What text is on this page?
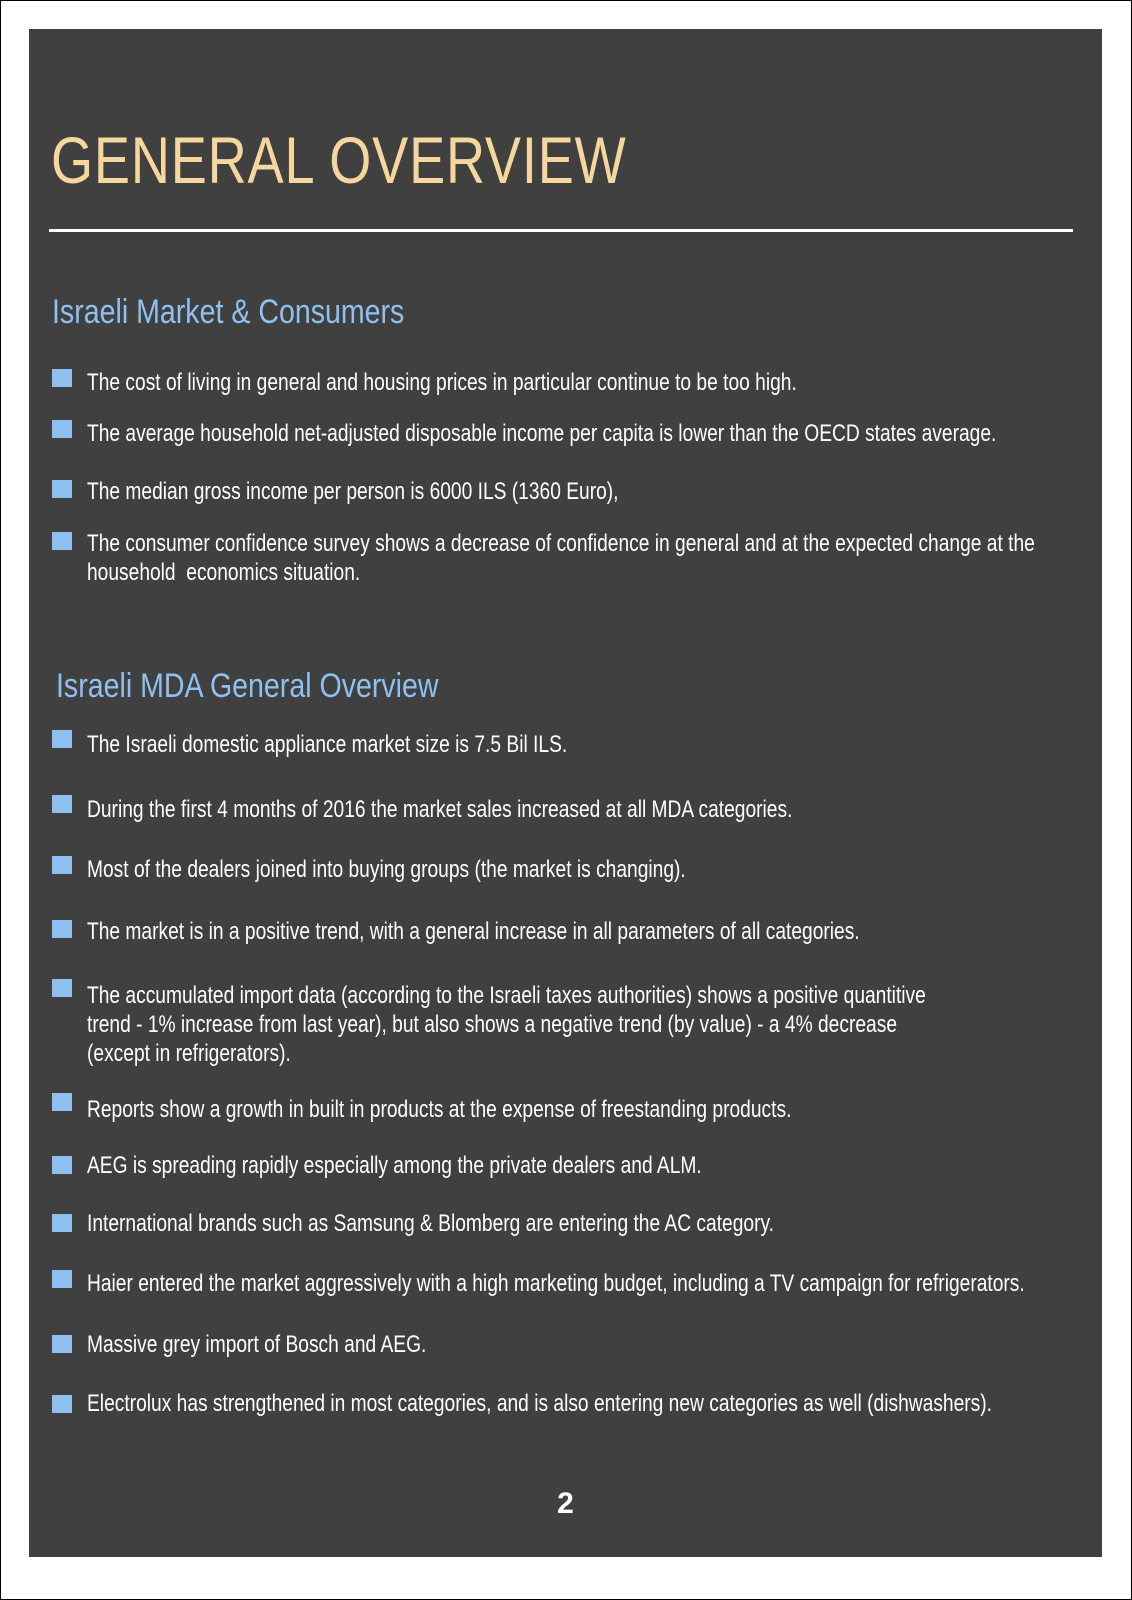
GENERAL OVERVIEW
Israeli Market & Consumers

The cost of living in general and housing prices in particular continue to be too high.

The average household net-adjusted disposable income per capita is lower than the OECD states average.

The median gross income per person is 6000 ILS (1360 Euro),

The consumer confidence survey shows a decrease of confidence in general and at the expected change at the
household  economics situation.

Israeli MDA General Overview

The Israeli domestic appliance market size is 7.5 Bil ILS.

During the first 4 months of 2016 the market sales increased at all MDA categories.

Most of the dealers joined into buying groups (the market is changing).

The market is in a positive trend, with a general increase in all parameters of all categories.

The accumulated import data (according to the Israeli taxes authorities) shows a positive quantitive
trend - 1% increase from last year), but also shows a negative trend (by value) - a 4% decrease
(except in refrigerators).

Reports show a growth in built in products at the expense of freestanding products.

AEG is spreading rapidly especially among the private dealers and ALM.

International brands such as Samsung & Blomberg are entering the AC category.

Haier entered the market aggressively with a high marketing budget, including a TV campaign for refrigerators.

Massive grey import of Bosch and AEG.

Electrolux has strengthened in most categories, and is also entering new categories as well (dishwashers).

2
